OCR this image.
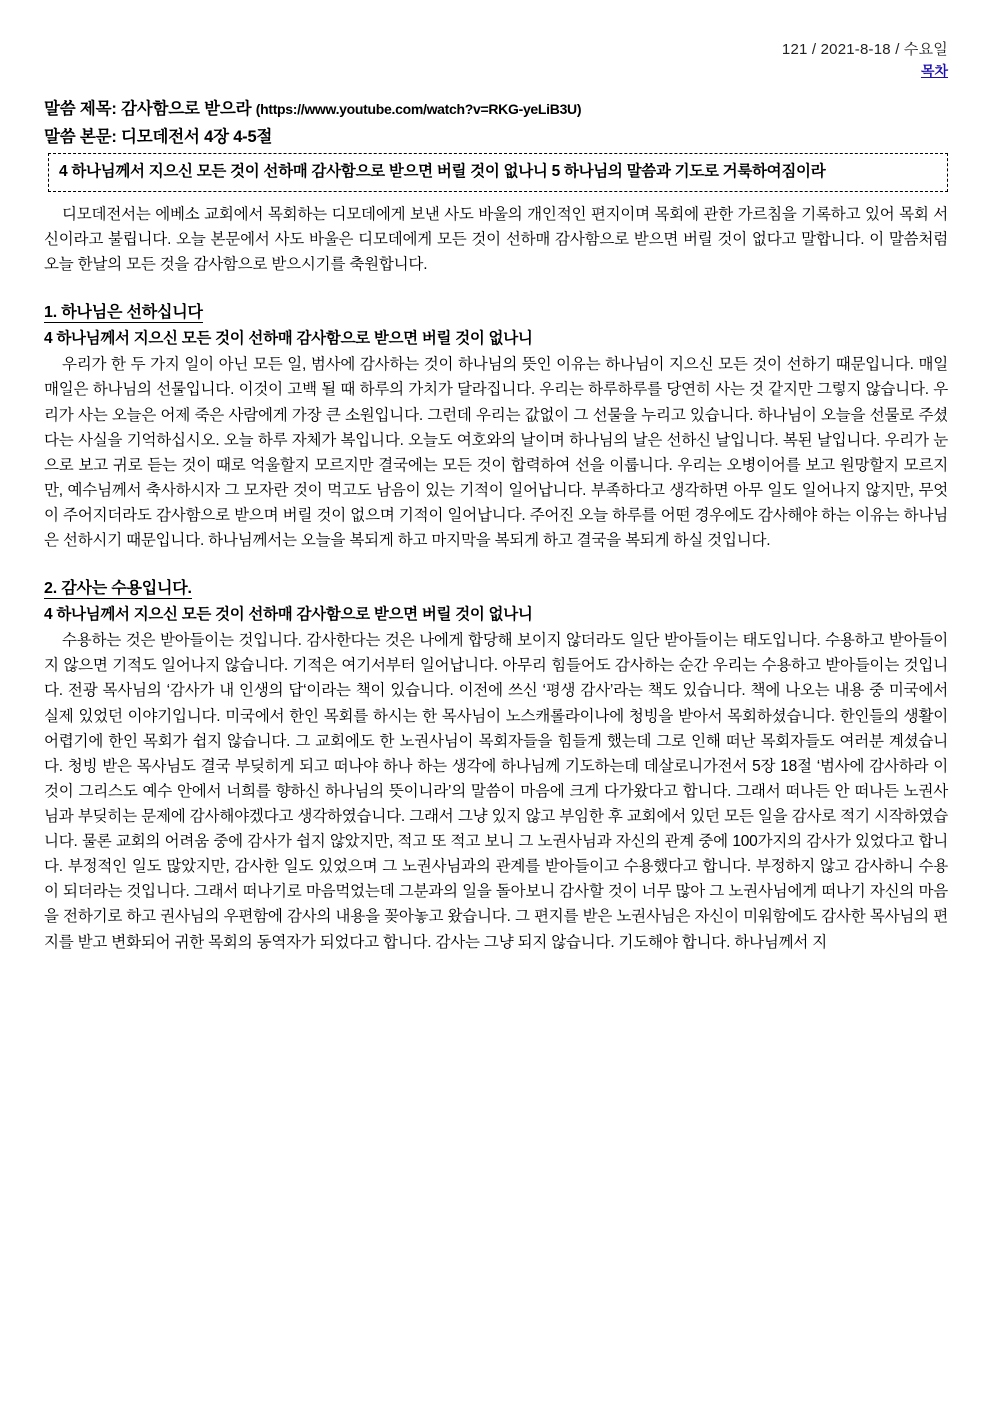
121 / 2021-8-18 / 수요일
목차
말씀 제목: 감사함으로 받으라 (https://www.youtube.com/watch?v=RKG-yeLiB3U)
말씀 본문: 디모데전서 4장 4-5절
4 하나님께서 지으신 모든 것이 선하매 감사함으로 받으면 버릴 것이 없나니 5 하나님의 말씀과 기도로 거룩하여짐이라

디모데전서는 에베소 교회에서 목회하는 디모데에게 보낸 사도 바울의 개인적인 편지이며 목회에 관한 가르침을 기록하고 있어 목회 서신이라고 불립니다. 오늘 본문에서 사도 바울은 디모데에게 모든 것이 선하매 감사함으로 받으면 버릴 것이 없다고 말합니다. 이 말씀처럼 오늘 한날의 모든 것을 감사함으로 받으시기를 축원합니다.

1. 하나님은 선하십니다
4 하나님께서 지으신 모든 것이 선하매 감사함으로 받으면 버릴 것이 없나니

우리가 한 두 가지 일이 아닌 모든 일, 범사에 감사하는 것이 하나님의 뜻인 이유는 하나님이 지으신 모든 것이 선하기 때문입니다. 매일 매일은 하나님의 선물입니다. 이것이 고백 될 때 하루의 가치가 달라집니다. 우리는 하루하루를 당연히 사는 것 같지만 그렇지 않습니다. 우리가 사는 오늘은 어제 죽은 사람에게 가장 큰 소원입니다. 그런데 우리는 값없이 그 선물을 누리고 있습니다. 하나님이 오늘을 선물로 주셨다는 사실을 기억하십시오. 오늘 하루 자체가 복입니다. 오늘도 여호와의 날이며 하나님의 날은 선하신 날입니다. 복된 날입니다. 우리가 눈으로 보고 귀로 듣는 것이 때로 억울할지 모르지만 결국에는 모든 것이 합력하여 선을 이룹니다. 우리는 오병이어를 보고 원망할지 모르지만, 예수님께서 축사하시자 그 모자란 것이 먹고도 남음이 있는 기적이 일어납니다. 부족하다고 생각하면 아무 일도 일어나지 않지만, 무엇이 주어지더라도 감사함으로 받으며 버릴 것이 없으며 기적이 일어납니다. 주어진 오늘 하루를 어떤 경우에도 감사해야 하는 이유는 하나님은 선하시기 때문입니다. 하나님께서는 오늘을 복되게 하고 마지막을 복되게 하고 결국을 복되게 하실 것입니다.

2. 감사는 수용입니다.
4 하나님께서 지으신 모든 것이 선하매 감사함으로 받으면 버릴 것이 없나니

수용하는 것은 받아들이는 것입니다. 감사한다는 것은 나에게 합당해 보이지 않더라도 일단 받아들이는 태도입니다. 수용하고 받아들이지 않으면 기적도 일어나지 않습니다. 기적은 여기서부터 일어납니다. 아무리 힘들어도 감사하는 순간 우리는 수용하고 받아들이는 것입니다. 전광 목사님의 ‘감사가 내 인생의 답‘이라는 책이 있습니다. 이전에 쓰신 ‘평생 감사’라는 책도 있습니다. 책에 나오는 내용 중 미국에서 실제 있었던 이야기입니다. 미국에서 한인 목회를 하시는 한 목사님이 노스캐롤라이나에 청빙을 받아서 목회하셨습니다. 한인들의 생활이 어렵기에 한인 목회가 쉽지 않습니다. 그 교회에도 한 노권사님이 목회자들을 힘들게 했는데 그로 인해 떠난 목회자들도 여러분 계셨습니다. 청빙 받은 목사님도 결국 부딪히게 되고 떠나야 하나 하는 생각에 하나님께 기도하는데 데살로니가전서 5장 18절 ‘범사에 감사하라 이것이 그리스도 예수 안에서 너희를 향하신 하나님의 뜻이니라’의 말씀이 마음에 크게 다가왔다고 합니다. 그래서 떠나든 안 떠나든 노권사님과 부딪히는 문제에 감사해야겠다고 생각하였습니다. 그래서 그냥 있지 않고 부임한 후 교회에서 있던 모든 일을 감사로 적기 시작하였습니다. 물론 교회의 어려움 중에 감사가 쉽지 않았지만, 적고 또 적고 보니 그 노권사님과 자신의 관계 중에 100가지의 감사가 있었다고 합니다. 부정적인 일도 많았지만, 감사한 일도 있었으며 그 노권사님과의 관계를 받아들이고 수용했다고 합니다. 부정하지 않고 감사하니 수용이 되더라는 것입니다. 그래서 떠나기로 마음먹었는데 그분과의 일을 돌아보니 감사할 것이 너무 많아 그 노권사님에게 떠나기 자신의 마음을 전하기로 하고 권사님의 우편함에 감사의 내용을 꽂아놓고 왔습니다. 그 편지를 받은 노권사님은 자신이 미워함에도 감사한 목사님의 편지를 받고 변화되어 귀한 목회의 동역자가 되었다고 합니다. 감사는 그냥 되지 않습니다. 기도해야 합니다. 하나님께서 지
